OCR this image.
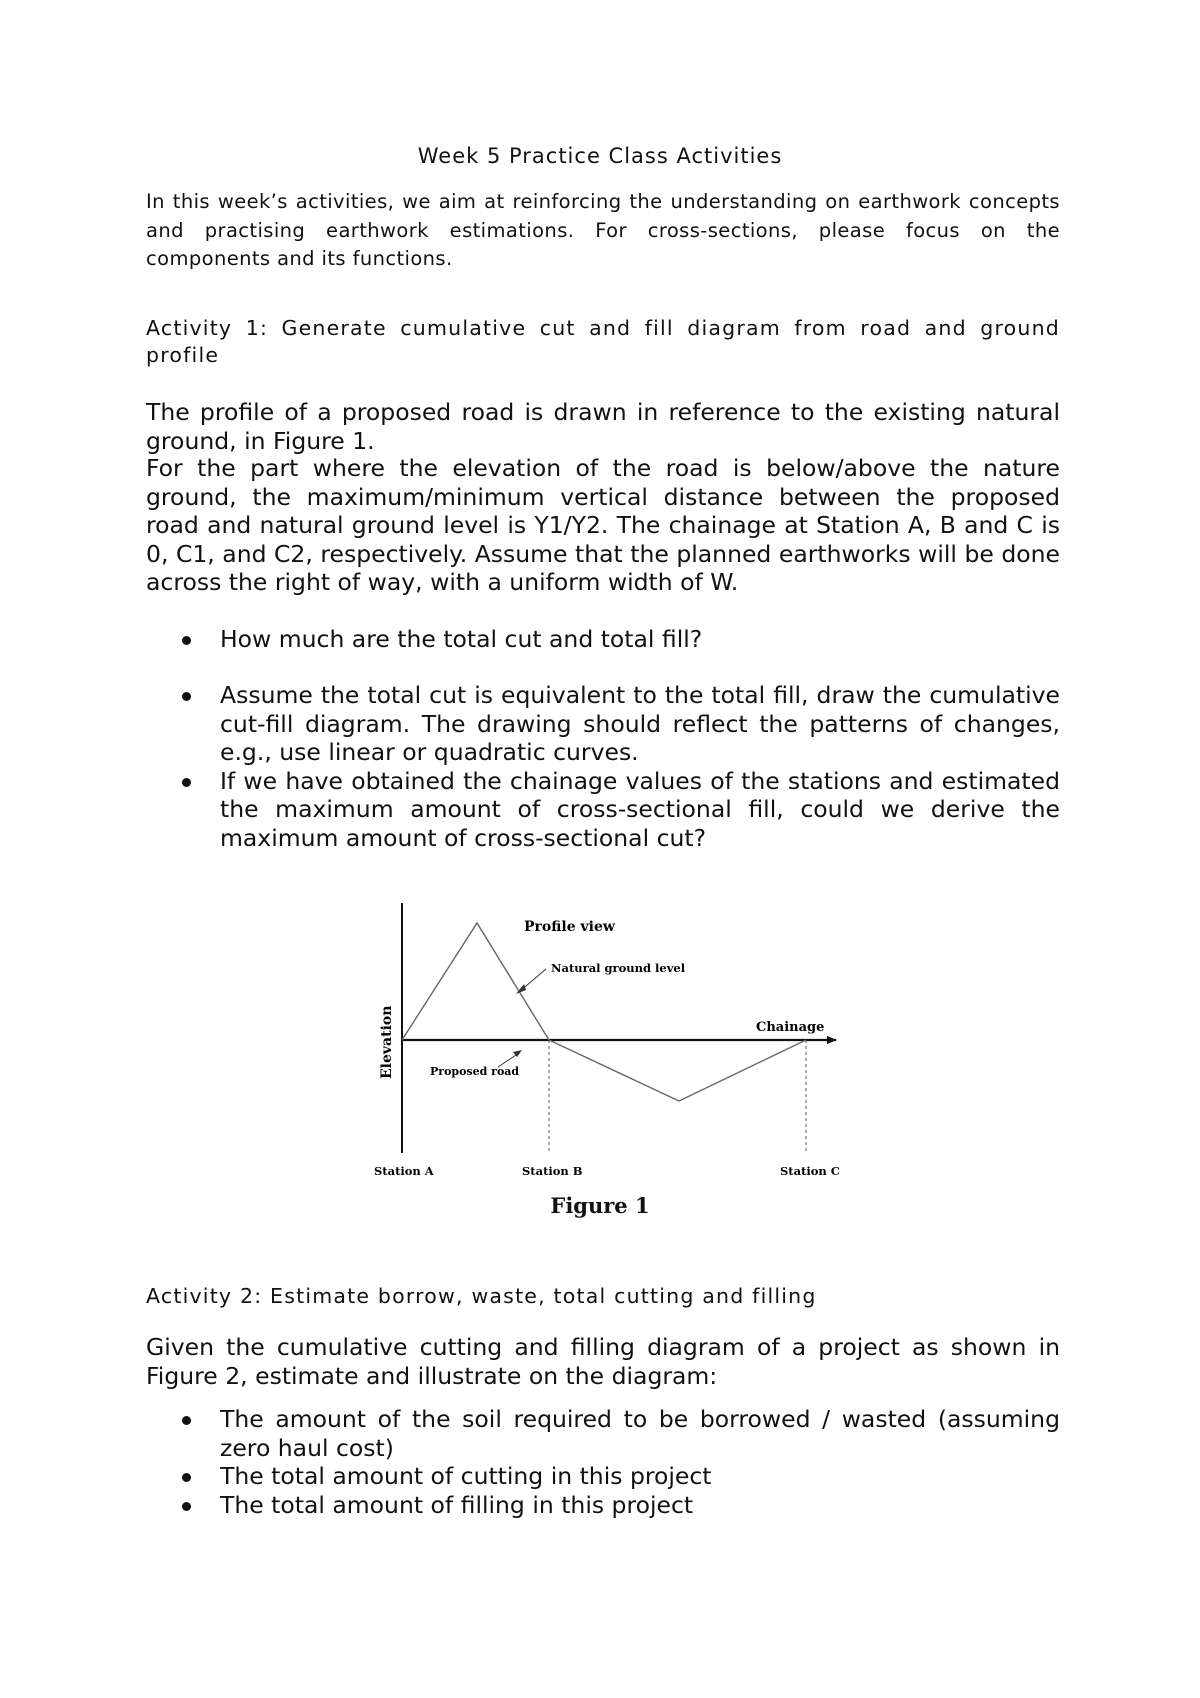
Week 5 Practice Class Activities

In this week’s activities, we aim at reinforcing the understanding on earthwork concepts and practising earthwork estimations. For cross-sections, please focus on the components and its functions.

Activity 1: Generate cumulative cut and fill diagram from road and ground profile

The profile of a proposed road is drawn in reference to the existing natural ground, in Figure 1.

For the part where the elevation of the road is below/above the nature ground, the maximum/minimum vertical distance between the proposed road and natural ground level is Y1/Y2. The chainage at Station A, B and C is 0, C1, and C2, respectively. Assume that the planned earthworks will be done across the right of way, with a uniform width of W.

How much are the total cut and total fill?
Assume the total cut is equivalent to the total fill, draw the cumulative cut-fill diagram. The drawing should reflect the patterns of changes, e.g., use linear or quadratic curves.
If we have obtained the chainage values of the stations and estimated the maximum amount of cross-sectional fill, could we derive the maximum amount of cross-sectional cut?
Profile view
Natural ground level
Chainage
Elevation	Proposed road
Station A	Station B	Station C

Figure 1

Activity 2: Estimate borrow, waste, total cutting and filling

Given the cumulative cutting and filling diagram of a project as shown in Figure 2, estimate and illustrate on the diagram:

The amount of the soil required to be borrowed / wasted (assuming zero haul cost)
The total amount of cutting in this project
The total amount of filling in this project
